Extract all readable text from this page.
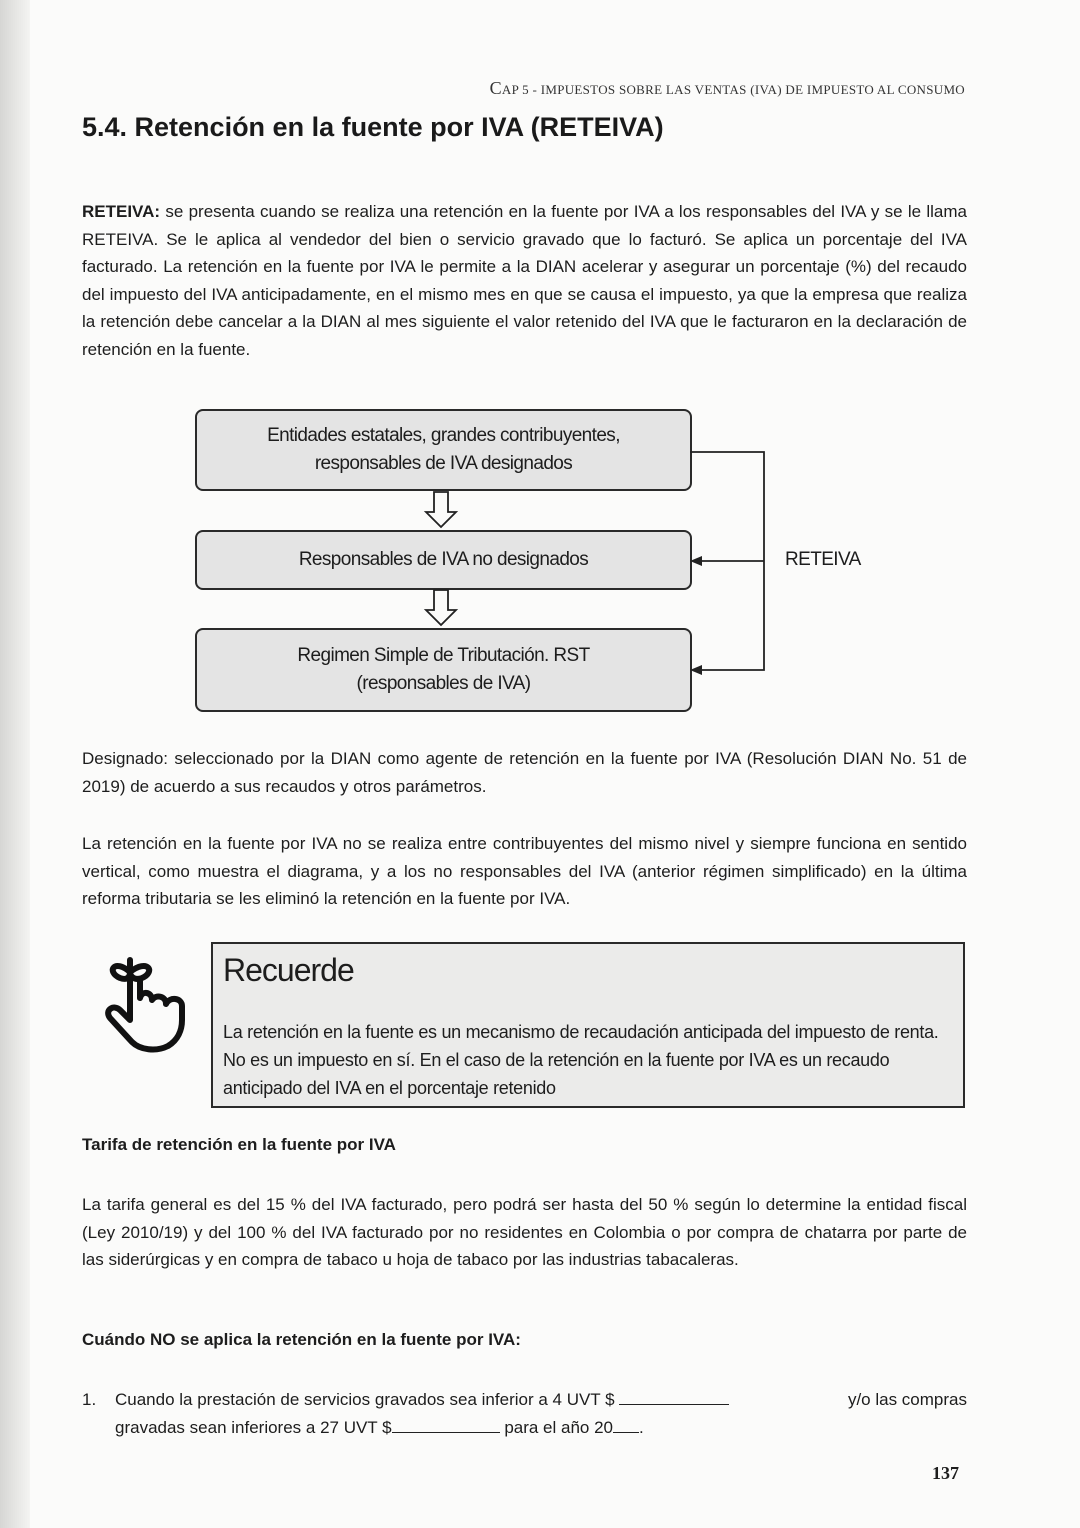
CAP 5 - IMPUESTOS SOBRE LAS VENTAS (IVA) DE IMPUESTO AL CONSUMO
5.4. Retención en la fuente por IVA (RETEIVA)
RETEIVA: se presenta cuando se realiza una retención en la fuente por IVA a los responsables del IVA y se le llama RETEIVA. Se le aplica al vendedor del bien o servicio gravado que lo facturó. Se aplica un porcentaje del IVA facturado. La retención en la fuente por IVA le permite a la DIAN acelerar y asegurar un porcentaje (%) del recaudo del impuesto del IVA anticipadamente, en el mismo mes en que se causa el impuesto, ya que la empresa que realiza la retención debe cancelar a la DIAN al mes siguiente el valor retenido del IVA que le facturaron en la declaración de retención en la fuente.
Entidades estatales, grandes contribuyentes,
responsables de IVA designados
Responsables de IVA no designados
Regimen Simple de Tributación. RST
(responsables de IVA)
RETEIVA
Designado: seleccionado por la DIAN como agente de retención en la fuente por IVA (Resolución DIAN No. 51 de 2019) de acuerdo a sus recaudos y otros parámetros.
La retención en la fuente por IVA no se realiza entre contribuyentes del mismo nivel y siempre funciona en sentido vertical, como muestra el diagrama, y a los no responsables del IVA (anterior régimen simplificado) en la última reforma tributaria se les eliminó la retención en la fuente por IVA.
Recuerde
La retención en la fuente es un mecanismo de recaudación anticipada del impuesto de renta. No es un impuesto en sí. En el caso de la retención en la fuente por IVA es un recaudo anticipado del IVA en el porcentaje retenido
Tarifa de retención en la fuente por IVA
La tarifa general es del 15 % del IVA facturado, pero podrá ser hasta del 50 % según lo determine la entidad fiscal (Ley 2010/19) y del 100 % del IVA facturado por no residentes en Colombia o por compra de chatarra por parte de las siderúrgicas y en compra de tabaco u hoja de tabaco por las industrias tabacaleras.
Cuándo NO se aplica la retención en la fuente por IVA:
1. Cuando la prestación de servicios gravados sea inferior a 4 UVT $	y/o las compras
gravadas sean inferiores a 27 UVT $	para el año 20 .
137
